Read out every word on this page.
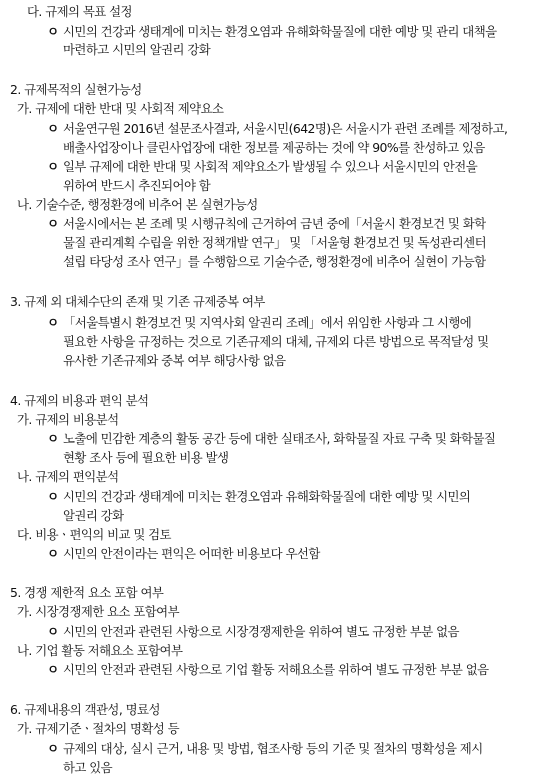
다. 규제의 목표 설정
ㅇ 시민의 건강과 생태계에 미치는 환경오염과 유해화학물질에 대한 예방 및 관리 대책을
마련하고 시민의 알권리 강화
2. 규제목적의 실현가능성
가. 규제에 대한 반대 및 사회적 제약요소
ㅇ 서울연구원 2016년 설문조사결과, 서울시민(642명)은 서울시가 관련 조례를 제정하고,
배출사업장이나 클린사업장에 대한 정보를 제공하는 것에 약 90%를 찬성하고 있음
ㅇ 일부 규제에 대한 반대 및 사회적 제약요소가 발생될 수 있으나 서울시민의 안전을
위하여 반드시 추진되어야 함
나. 기술수준, 행정환경에 비추어 본 실현가능성
ㅇ 서울시에서는 본 조례 및 시행규칙에 근거하여 금년 중에「서울시 환경보건 및 화학
물질 관리계획 수립을 위한 정책개발 연구」 및 「서울형 환경보건 및 독성관리센터
설립 타당성 조사 연구」를 수행함으로 기술수준, 행정환경에 비추어 실현이 가능함
3. 규제 외 대체수단의 존재 및 기존 규제중복 여부
ㅇ 「서울특별시 환경보건 및 지역사회 알권리 조례」에서 위임한 사항과 그 시행에
필요한 사항을 규정하는 것으로 기존규제의 대체, 규제외 다른 방법으로 목적달성 및
유사한 기존규제와 중복 여부 해당사항 없음
4. 규제의 비용과 편익 분석
가. 규제의 비용분석
ㅇ 노출에 민감한 계층의 활동 공간 등에 대한 실태조사, 화학물질 자료 구축 및 화학물질
현황 조사 등에 필요한 비용 발생
나. 규제의 편익분석
ㅇ 시민의 건강과 생태계에 미치는 환경오염과 유해화학물질에 대한 예방 및 시민의
알권리 강화
다. 비용ㆍ편익의 비교 및 검토
ㅇ 시민의 안전이라는 편익은 어떠한 비용보다 우선함
5. 경쟁 제한적 요소 포함 여부
가. 시장경쟁제한 요소 포함여부
ㅇ 시민의 안전과 관련된 사항으로 시장경쟁제한을 위하여 별도 규정한 부분 없음
나. 기업 활동 저해요소 포함여부
ㅇ 시민의 안전과 관련된 사항으로 기업 활동 저해요소를 위하여 별도 규정한 부분 없음
6. 규제내용의 객관성, 명료성
가. 규제기준ㆍ절차의 명확성 등
ㅇ 규제의 대상, 실시 근거, 내용 및 방법, 협조사항 등의 기준 및 절차의 명확성을 제시
하고 있음
